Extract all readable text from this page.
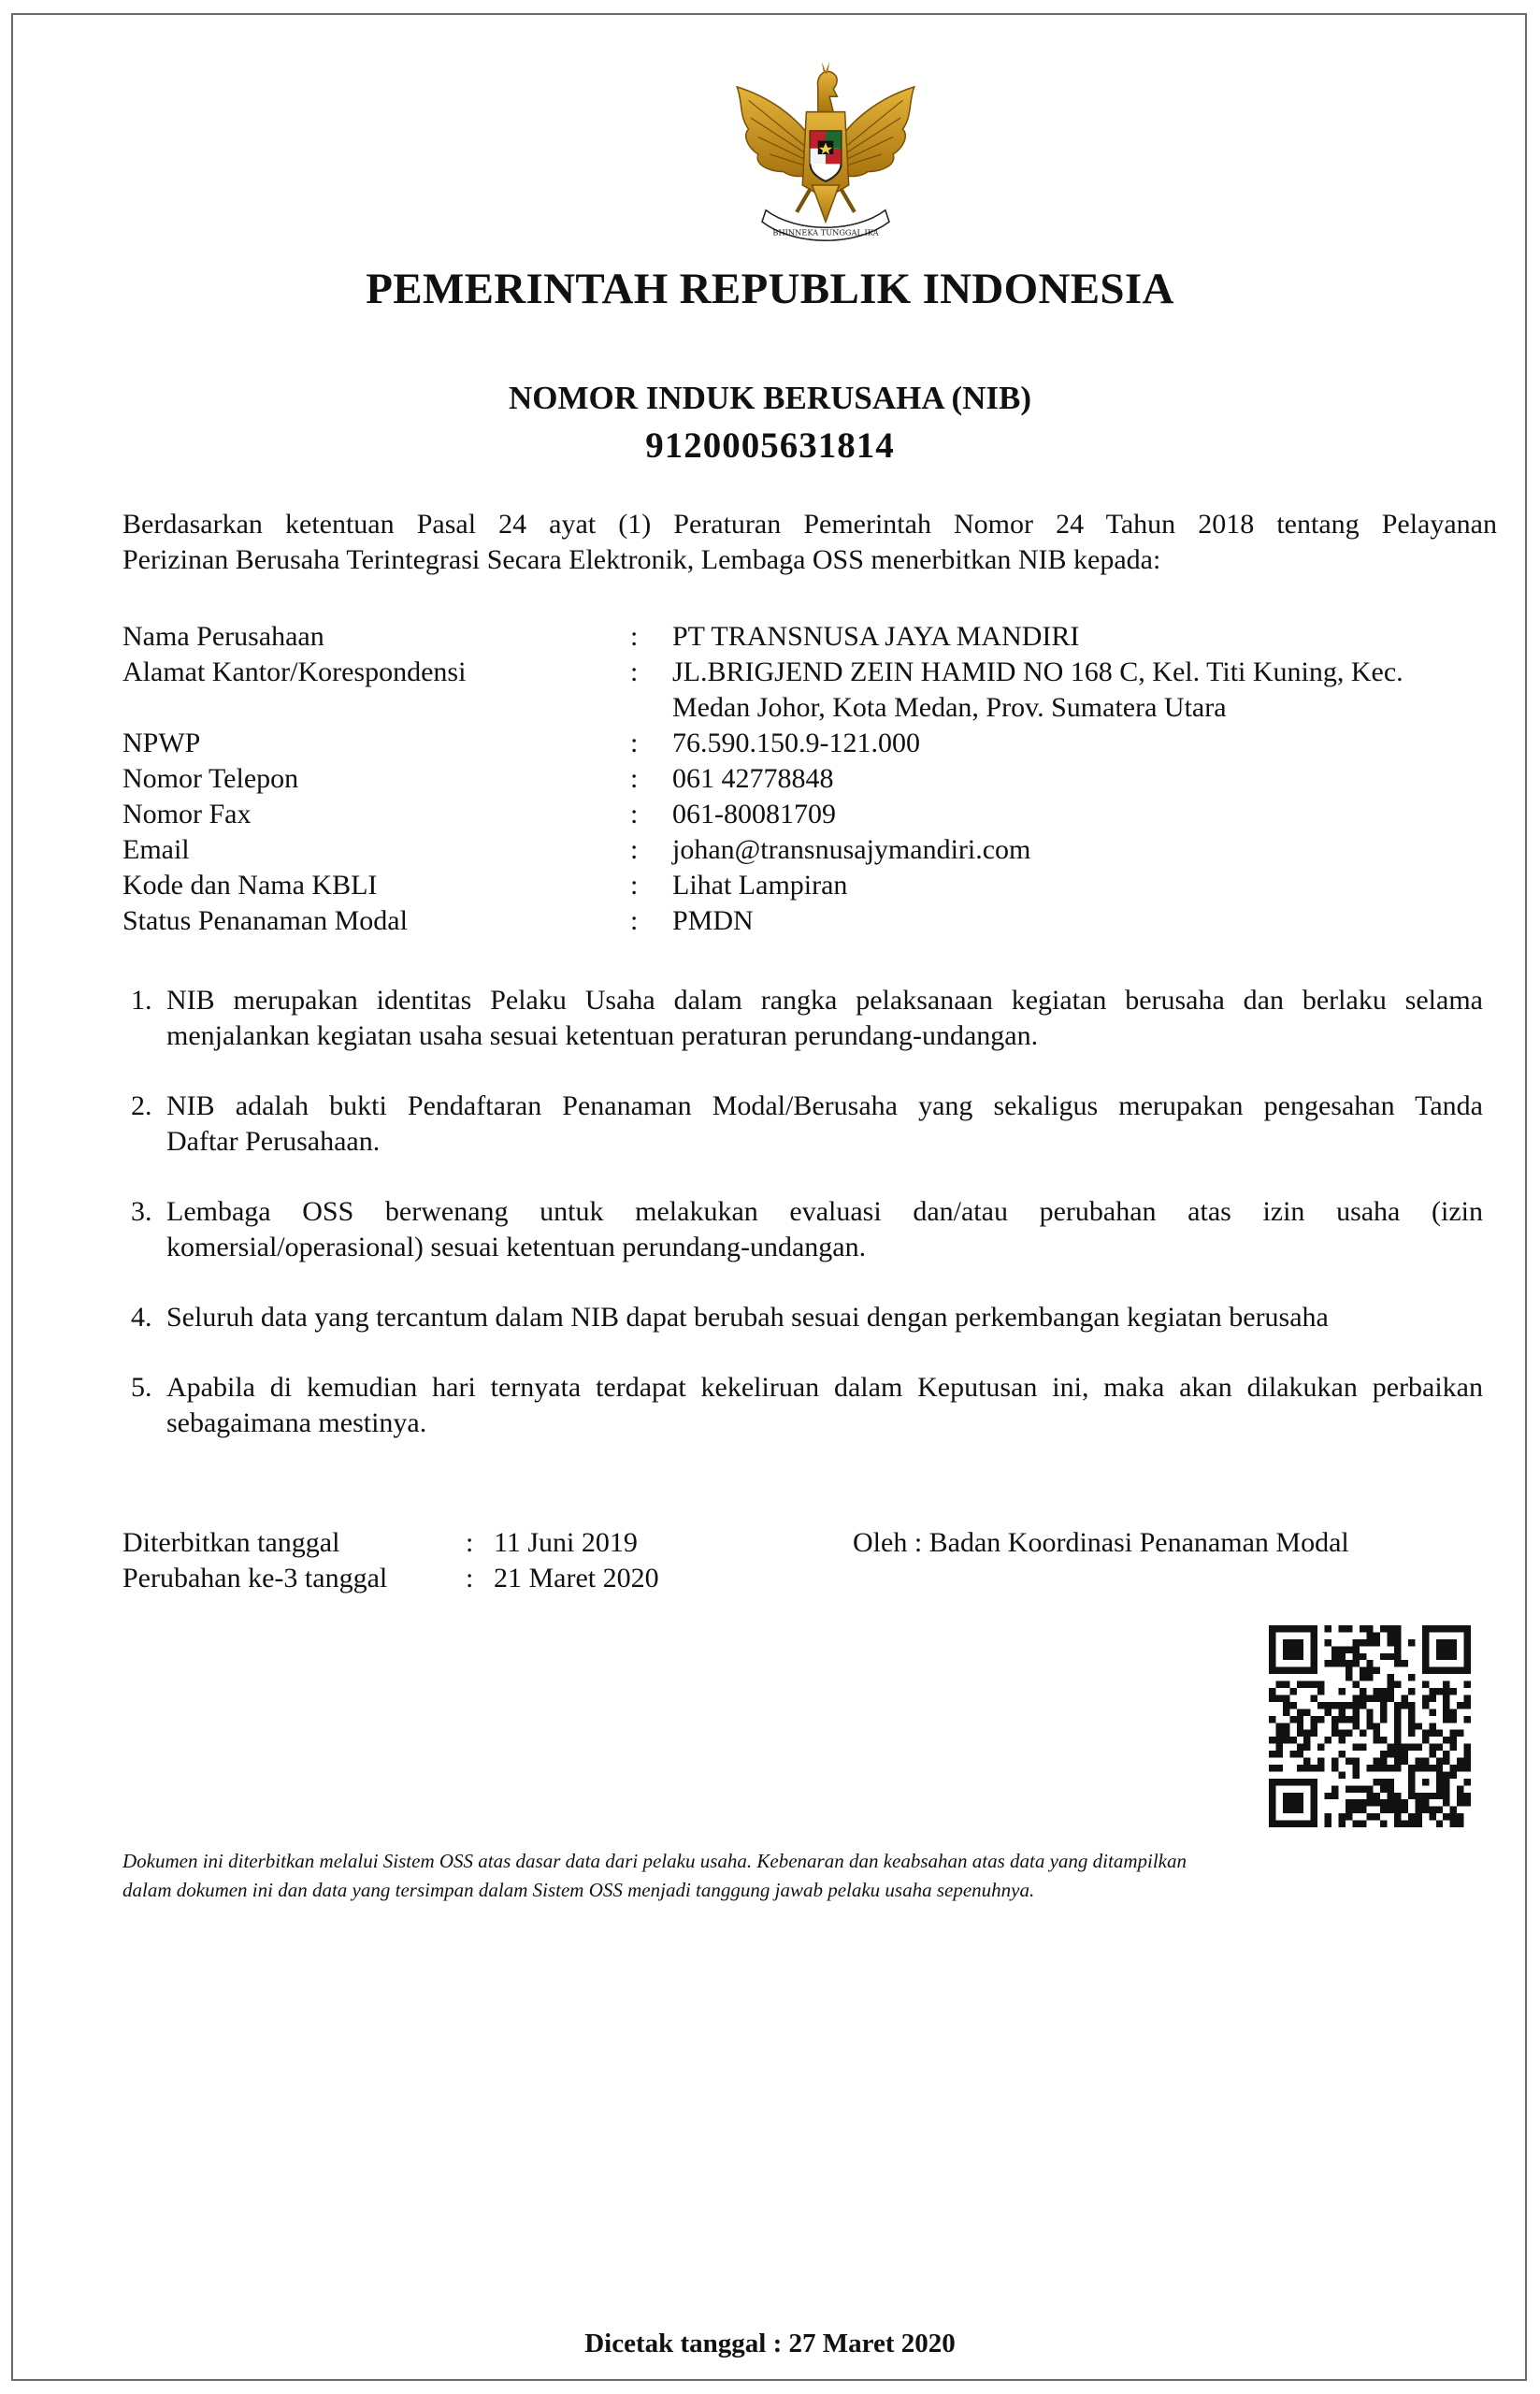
BHINNEKA TUNGGAL IKA
PEMERINTAH REPUBLIK INDONESIA
NOMOR INDUK BERUSAHA (NIB)
9120005631814
Berdasarkan ketentuan Pasal 24 ayat (1) Peraturan Pemerintah Nomor 24 Tahun 2018 tentang Pelayanan
Perizinan Berusaha Terintegrasi Secara Elektronik, Lembaga OSS menerbitkan NIB kepada:
Nama Perusahaan	: PT TRANSNUSA JAYA MANDIRI
Alamat Kantor/Korespondensi	: JL.BRIGJEND ZEIN HAMID NO 168 C, Kel. Titi Kuning, Kec.
Medan Johor, Kota Medan, Prov. Sumatera Utara
NPWP	: 76.590.150.9-121.000
Nomor Telepon	: 061 42778848
Nomor Fax	: 061-80081709
Email	: johan@transnusajymandiri.com
Kode dan Nama KBLI	: Lihat Lampiran
Status Penanaman Modal	: PMDN
1. NIB merupakan identitas Pelaku Usaha dalam rangka pelaksanaan kegiatan berusaha dan berlaku selama
menjalankan kegiatan usaha sesuai ketentuan peraturan perundang-undangan.
2. NIB adalah bukti Pendaftaran Penanaman Modal/Berusaha yang sekaligus merupakan pengesahan Tanda
Daftar Perusahaan.
3. Lembaga OSS berwenang untuk melakukan evaluasi dan/atau perubahan atas izin usaha (izin
komersial/operasional) sesuai ketentuan perundang-undangan.
4. Seluruh data yang tercantum dalam NIB dapat berubah sesuai dengan perkembangan kegiatan berusaha
5. Apabila di kemudian hari ternyata terdapat kekeliruan dalam Keputusan ini, maka akan dilakukan perbaikan
sebagaimana mestinya.
Diterbitkan tanggal	: 11 Juni 2019
Perubahan ke-3 tanggal	: 21 Maret 2020
Oleh : Badan Koordinasi Penanaman Modal
Dokumen ini diterbitkan melalui Sistem OSS atas dasar data dari pelaku usaha. Kebenaran dan keabsahan atas data yang ditampilkan
dalam dokumen ini dan data yang tersimpan dalam Sistem OSS menjadi tanggung jawab pelaku usaha sepenuhnya.
Dicetak tanggal : 27 Maret 2020
